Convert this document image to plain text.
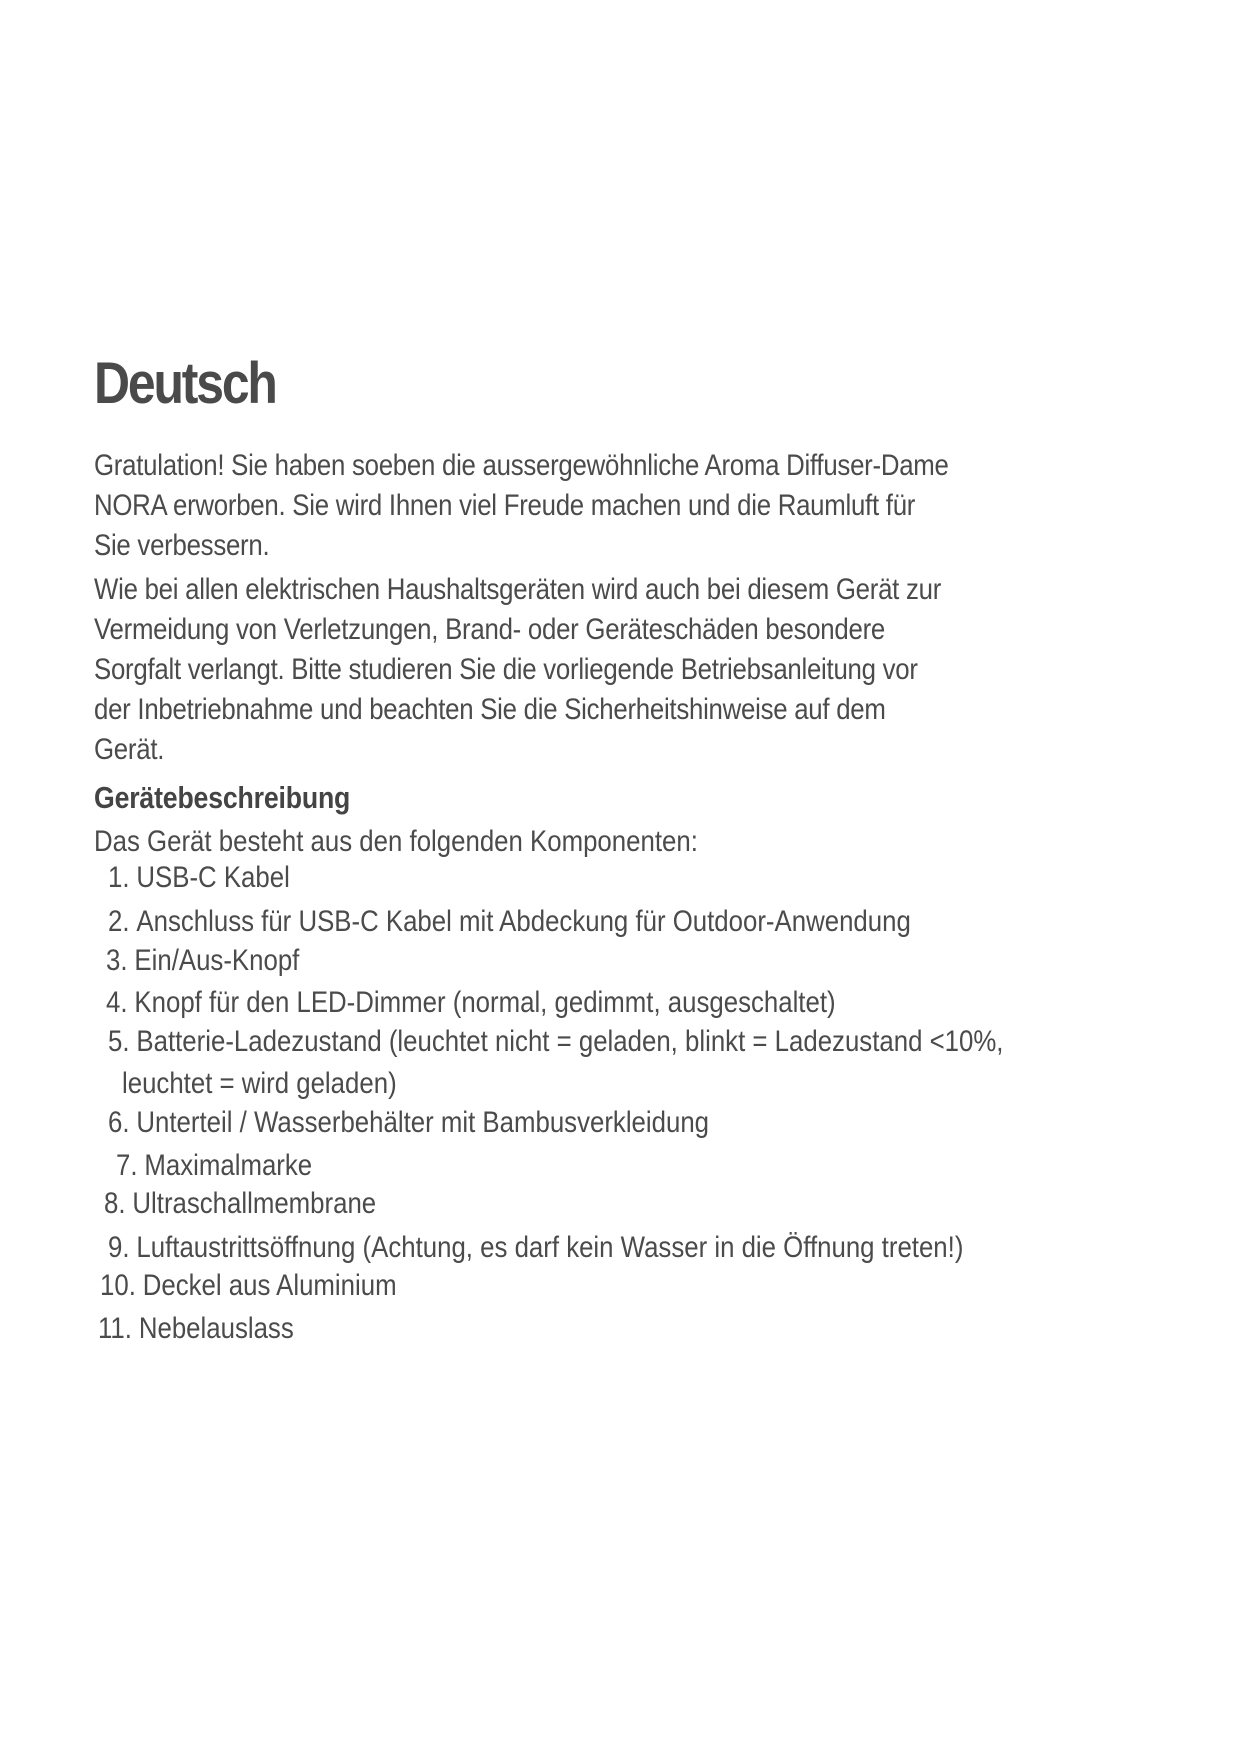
Deutsch

Gratulation! Sie haben soeben die aussergewöhnliche Aroma Diffuser-Dame NORA erworben. Sie wird Ihnen viel Freude machen und die Raumluft für Sie verbessern.

Wie bei allen elektrischen Haushaltsgeräten wird auch bei diesem Gerät zur Vermeidung von Verletzungen, Brand- oder Geräteschäden besondere Sorgfalt verlangt. Bitte studieren Sie die vorliegende Betriebsanleitung vor der Inbetriebnahme und beachten Sie die Sicherheitshinweise auf dem Gerät.

Gerätebeschreibung

Das Gerät besteht aus den folgenden Komponenten:

1. USB-C Kabel
2. Anschluss für USB-C Kabel mit Abdeckung für Outdoor-Anwendung
3. Ein/Aus-Knopf
4. Knopf für den LED-Dimmer (normal, gedimmt, ausgeschaltet)
5. Batterie-Ladezustand (leuchtet nicht = geladen, blinkt = Ladezustand <10%,
leuchtet = wird geladen)
6. Unterteil / Wasserbehälter mit Bambusverkleidung
7. Maximalmarke
8. Ultraschallmembrane
9. Luftaustrittsöffnung (Achtung, es darf kein Wasser in die Öffnung treten!)
10. Deckel aus Aluminium
11. Nebelauslass
